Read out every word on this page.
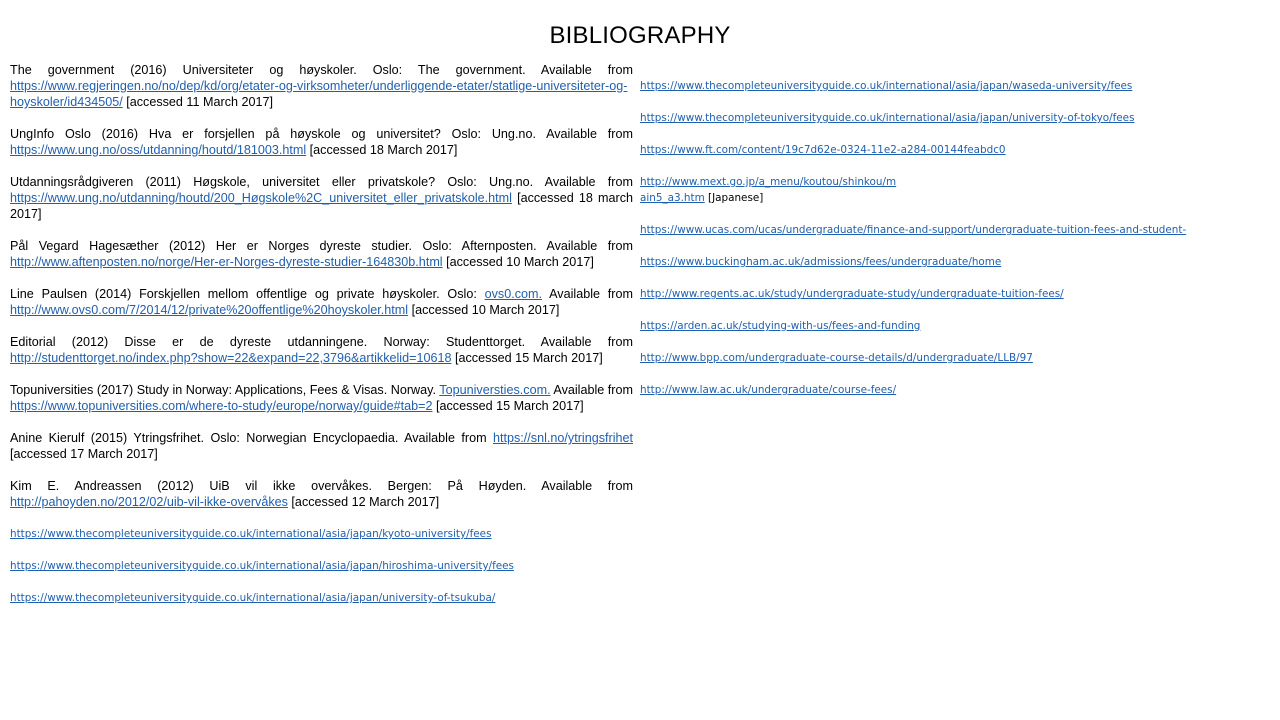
BIBLIOGRAPHY

The government (2016) Universiteter og høyskoler. Oslo: The government. Available from https://www.regjeringen.no/no/dep/kd/org/etater-og-virksomheter/underliggende-etater/statlige-universiteter-og-hoyskoler/id434505/ [accessed 11 March 2017]

UngInfo Oslo (2016) Hva er forsjellen på høyskole og universitet? Oslo: Ung.no. Available from https://www.ung.no/oss/utdanning/houtd/181003.html [accessed 18 March 2017]

Utdanningsrådgiveren (2011) Høgskole, universitet eller privatskole? Oslo: Ung.no. Available from https://www.ung.no/utdanning/houtd/200_Høgskole%2C_universitet_eller_privatskole.html [accessed 18 march 2017]

Pål Vegard Hagesæther (2012) Her er Norges dyreste studier. Oslo: Afternposten. Available from http://www.aftenposten.no/norge/Her-er-Norges-dyreste-studier-164830b.html [accessed 10 March 2017]

Line Paulsen (2014) Forskjellen mellom offentlige og private høyskoler. Oslo: ovs0.com. Available from http://www.ovs0.com/7/2014/12/private%20offentlige%20hoyskoler.html [accessed 10 March 2017]

Editorial (2012) Disse er de dyreste utdanningene. Norway: Studenttorget. Available from http://studenttorget.no/index.php?show=22&expand=22,3796&artikkelid=10618 [accessed 15 March 2017]

Topuniversities (2017) Study in Norway: Applications, Fees & Visas. Norway. Topuniversties.com. Available from https://www.topuniversities.com/where-to-study/europe/norway/guide#tab=2 [accessed 15 March 2017]

Anine Kierulf (2015) Ytringsfrihet. Oslo: Norwegian Encyclopaedia. Available from https://snl.no/ytringsfrihet [accessed 17 March 2017]

Kim E. Andreassen (2012) UiB vil ikke overvåkes. Bergen: På Høyden. Available from http://pahoyden.no/2012/02/uib-vil-ikke-overvåkes [accessed 12 March 2017]

https://www.thecompleteuniversityguide.co.uk/international/asia/japan/kyoto-university/fees
https://www.thecompleteuniversityguide.co.uk/international/asia/japan/hiroshima-university/fees
https://www.thecompleteuniversityguide.co.uk/international/asia/japan/university-of-tsukuba/
https://www.thecompleteuniversityguide.co.uk/international/asia/japan/waseda-university/fees
https://www.thecompleteuniversityguide.co.uk/international/asia/japan/university-of-tokyo/fees
https://www.ft.com/content/19c7d62e-0324-11e2-a284-00144feabdc0
http://www.mext.go.jp/a_menu/koutou/shinkou/m
ain5_a3.htm [Japanese]
https://www.ucas.com/ucas/undergraduate/finance-and-support/undergraduate-tuition-fees-and-student-
https://www.buckingham.ac.uk/admissions/fees/undergraduate/home
http://www.regents.ac.uk/study/undergraduate-study/undergraduate-tuition-fees/
https://arden.ac.uk/studying-with-us/fees-and-funding
http://www.bpp.com/undergraduate-course-details/d/undergraduate/LLB/97
http://www.law.ac.uk/undergraduate/course-fees/
